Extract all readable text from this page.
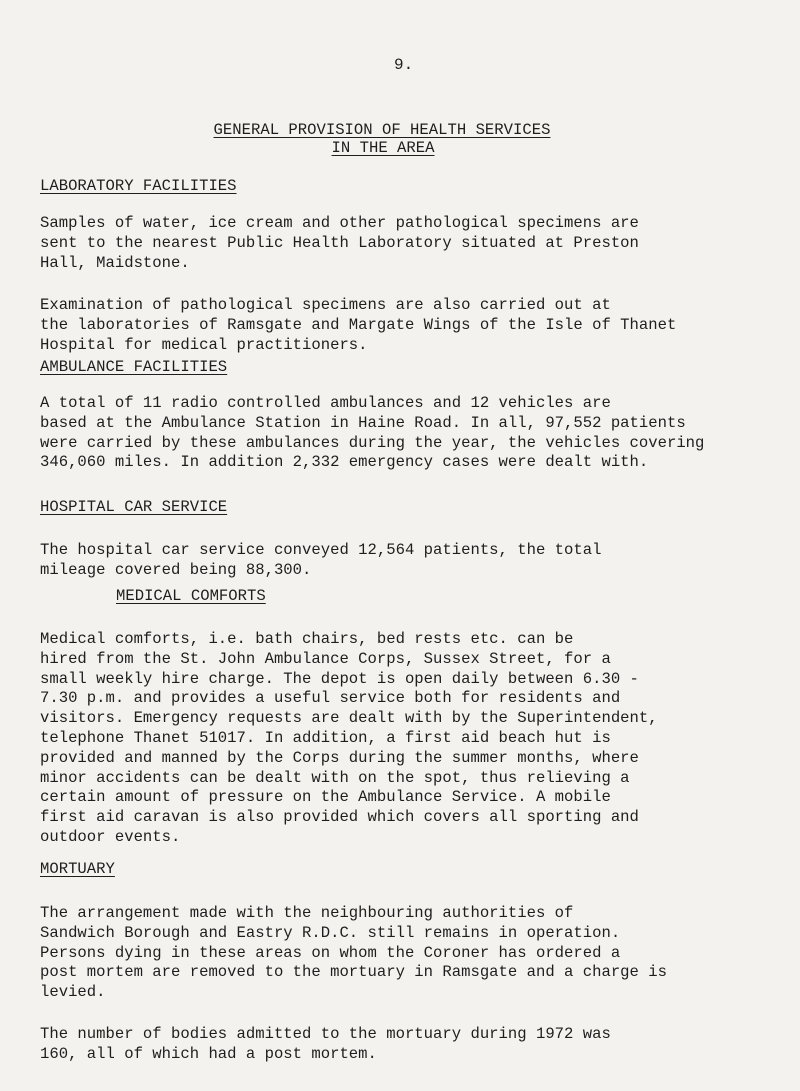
9.
GENERAL PROVISION OF HEALTH SERVICES
IN THE AREA
LABORATORY FACILITIES
Samples of water, ice cream and other pathological specimens are
sent to the nearest Public Health Laboratory situated at Preston
Hall, Maidstone.
Examination of pathological specimens are also carried out at
the laboratories of Ramsgate and Margate Wings of the Isle of Thanet
Hospital for medical practitioners.
AMBULANCE FACILITIES
A total of 11 radio controlled ambulances and 12 vehicles are
based at the Ambulance Station in Haine Road. In all, 97,552 patients
were carried by these ambulances during the year, the vehicles covering
346,060 miles. In addition 2,332 emergency cases were dealt with.
HOSPITAL CAR SERVICE
The hospital car service conveyed 12,564 patients, the total
mileage covered being 88,300.
MEDICAL COMFORTS
Medical comforts, i.e. bath chairs, bed rests etc. can be
hired from the St. John Ambulance Corps, Sussex Street, for a
small weekly hire charge. The depot is open daily between 6.30 -
7.30 p.m. and provides a useful service both for residents and
visitors. Emergency requests are dealt with by the Superintendent,
telephone Thanet 51017. In addition, a first aid beach hut is
provided and manned by the Corps during the summer months, where
minor accidents can be dealt with on the spot, thus relieving a
certain amount of pressure on the Ambulance Service. A mobile
first aid caravan is also provided which covers all sporting and
outdoor events.
MORTUARY
The arrangement made with the neighbouring authorities of
Sandwich Borough and Eastry R.D.C. still remains in operation.
Persons dying in these areas on whom the Coroner has ordered a
post mortem are removed to the mortuary in Ramsgate and a charge is
levied.
The number of bodies admitted to the mortuary during 1972 was
160, all of which had a post mortem.
